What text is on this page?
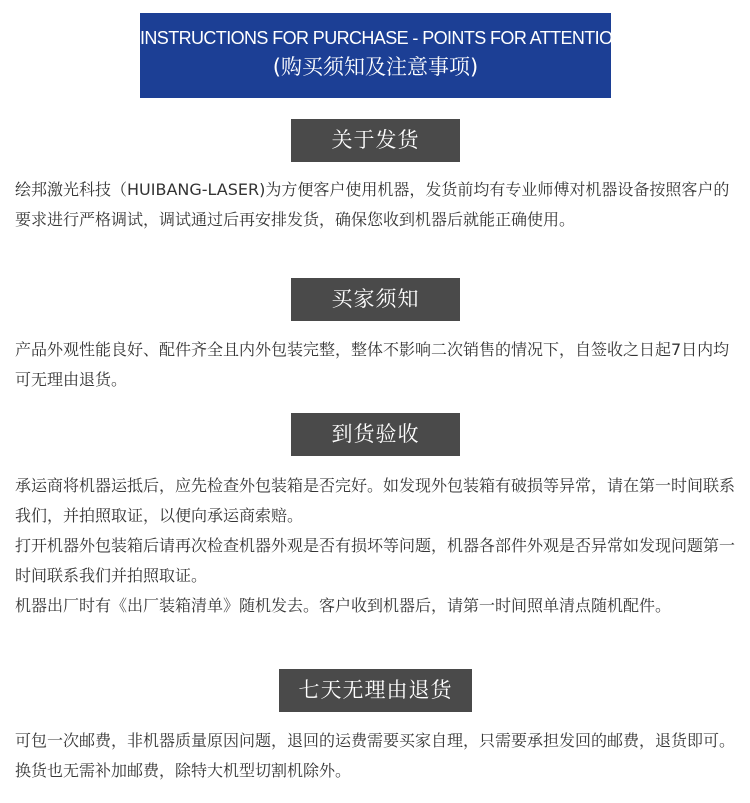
INSTRUCTIONS FOR PURCHASE - POINTS FOR ATTENTION
(购买须知及注意事项)
关于发货

绘邦激光科技（HUIBANG-LASER)为方便客户使用机器，发货前均有专业师傅对机器设备按照客户的要求进行严格调试，调试通过后再安排发货，确保您收到机器后就能正确使用。

买家须知

产品外观性能良好、配件齐全且内外包装完整，整体不影响二次销售的情况下，自签收之日起7日内均可无理由退货。

到货验收

承运商将机器运抵后，应先检查外包装箱是否完好。如发现外包装箱有破损等异常，请在第一时间联系我们，并拍照取证，以便向承运商索赔。

打开机器外包装箱后请再次检查机器外观是否有损坏等问题，机器各部件外观是否异常如发现问题第一时间联系我们并拍照取证。

机器出厂时有《出厂装箱清单》随机发去。客户收到机器后，请第一时间照单清点随机配件。

七天无理由退货

可包一次邮费，非机器质量原因问题，退回的运费需要买家自理，只需要承担发回的邮费，退货即可。换货也无需补加邮费，除特大机型切割机除外。
